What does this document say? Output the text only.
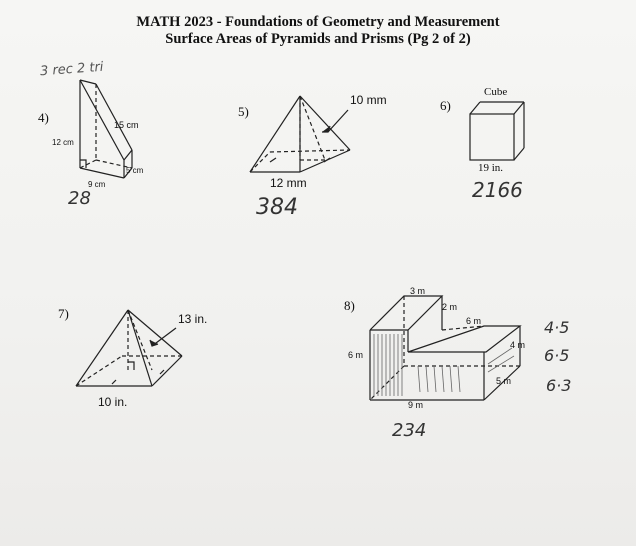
MATH 2023 - Foundations of Geometry and Measurement
Surface Areas of Pyramids and Prisms (Pg 2 of 2)
3 rec 2 tri
4)	15 cm
12 cm
9 cm
5 cm
28
5)
10 mm
12 mm
384
6)
Cube
19 in.
2166
7)	13 in.
10 in.
8)
3 m
2 m
6 m
6 m
4 m
5 m
9 m
234
4·5
6·5
6·3
